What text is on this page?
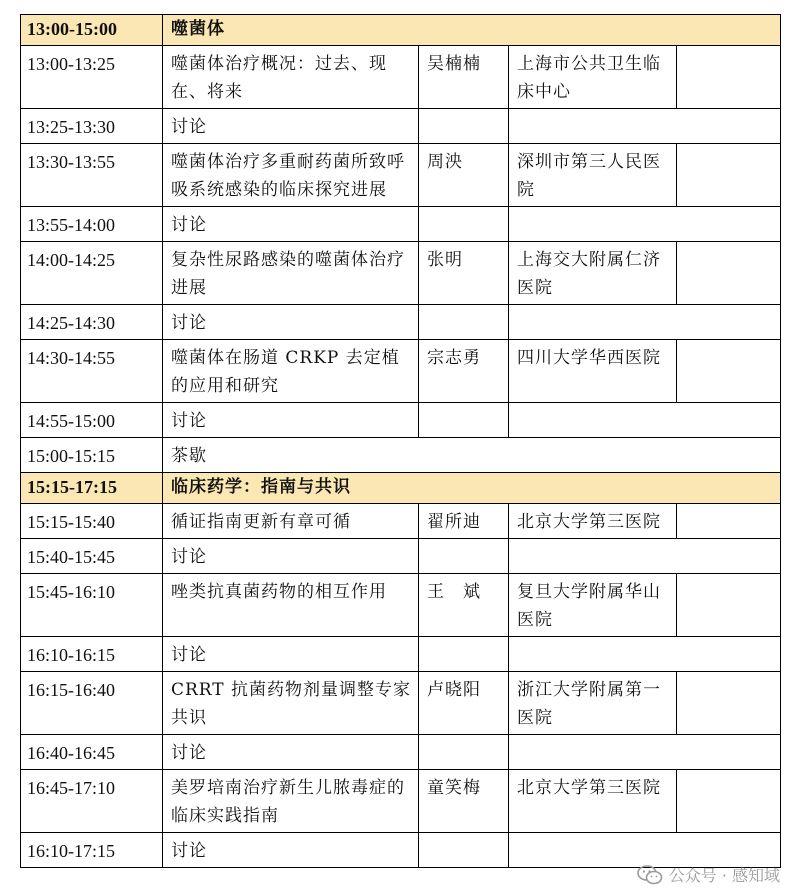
13:00-15:00	噬菌体			
13:00-13:25	噬菌体治疗概况：过去、现在、将来	吴楠楠	上海市公共卫生临床中心	
13:25-13:30	讨论			
13:30-13:55	噬菌体治疗多重耐药菌所致呼吸系统感染的临床探究进展	周泱	深圳市第三人民医院	
13:55-14:00	讨论			
14:00-14:25	复杂性尿路感染的噬菌体治疗进展	张明	上海交大附属仁济医院	
14:25-14:30	讨论			
14:30-14:55	噬菌体在肠道 CRKP 去定植的应用和研究	宗志勇	四川大学华西医院	
14:55-15:00	讨论			
15:00-15:15	茶歇			
15:15-17:15	临床药学：指南与共识			
15:15-15:40	循证指南更新有章可循	翟所迪	北京大学第三医院	
15:40-15:45	讨论			
15:45-16:10	唑类抗真菌药物的相互作用	王　斌	复旦大学附属华山医院	
16:10-16:15	讨论			
16:15-16:40	CRRT 抗菌药物剂量调整专家共识	卢晓阳	浙江大学附属第一医院	
16:40-16:45	讨论			
16:45-17:10	美罗培南治疗新生儿脓毒症的临床实践指南	童笑梅	北京大学第三医院	
16:10-17:15	讨论			
公众号 · 感知域
